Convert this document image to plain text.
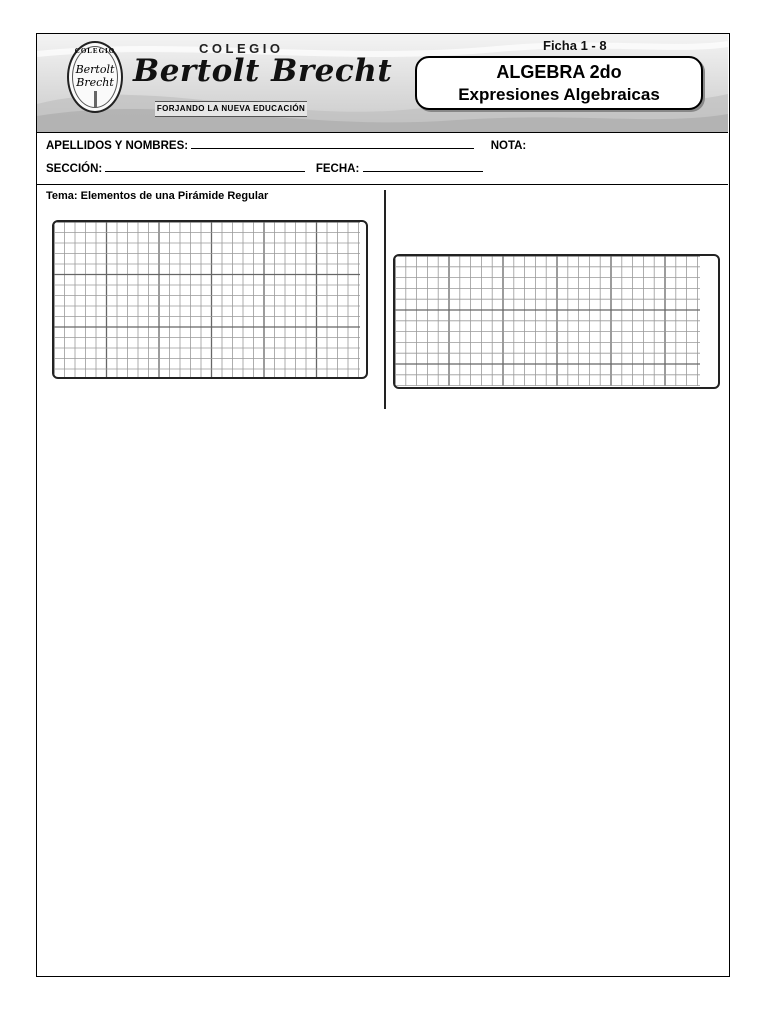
COLEGIO
Bertolt
Brecht
COLEGIO
Bertolt Brecht
FORJANDO LA NUEVA EDUCACIÓN
Ficha 1 - 8
ALGEBRA 2do
Expresiones Algebraicas
APELLIDOS Y NOMBRES:	NOTA:
SECCIÓN:	FECHA:
Tema: Elementos de una Pirámide Regular
